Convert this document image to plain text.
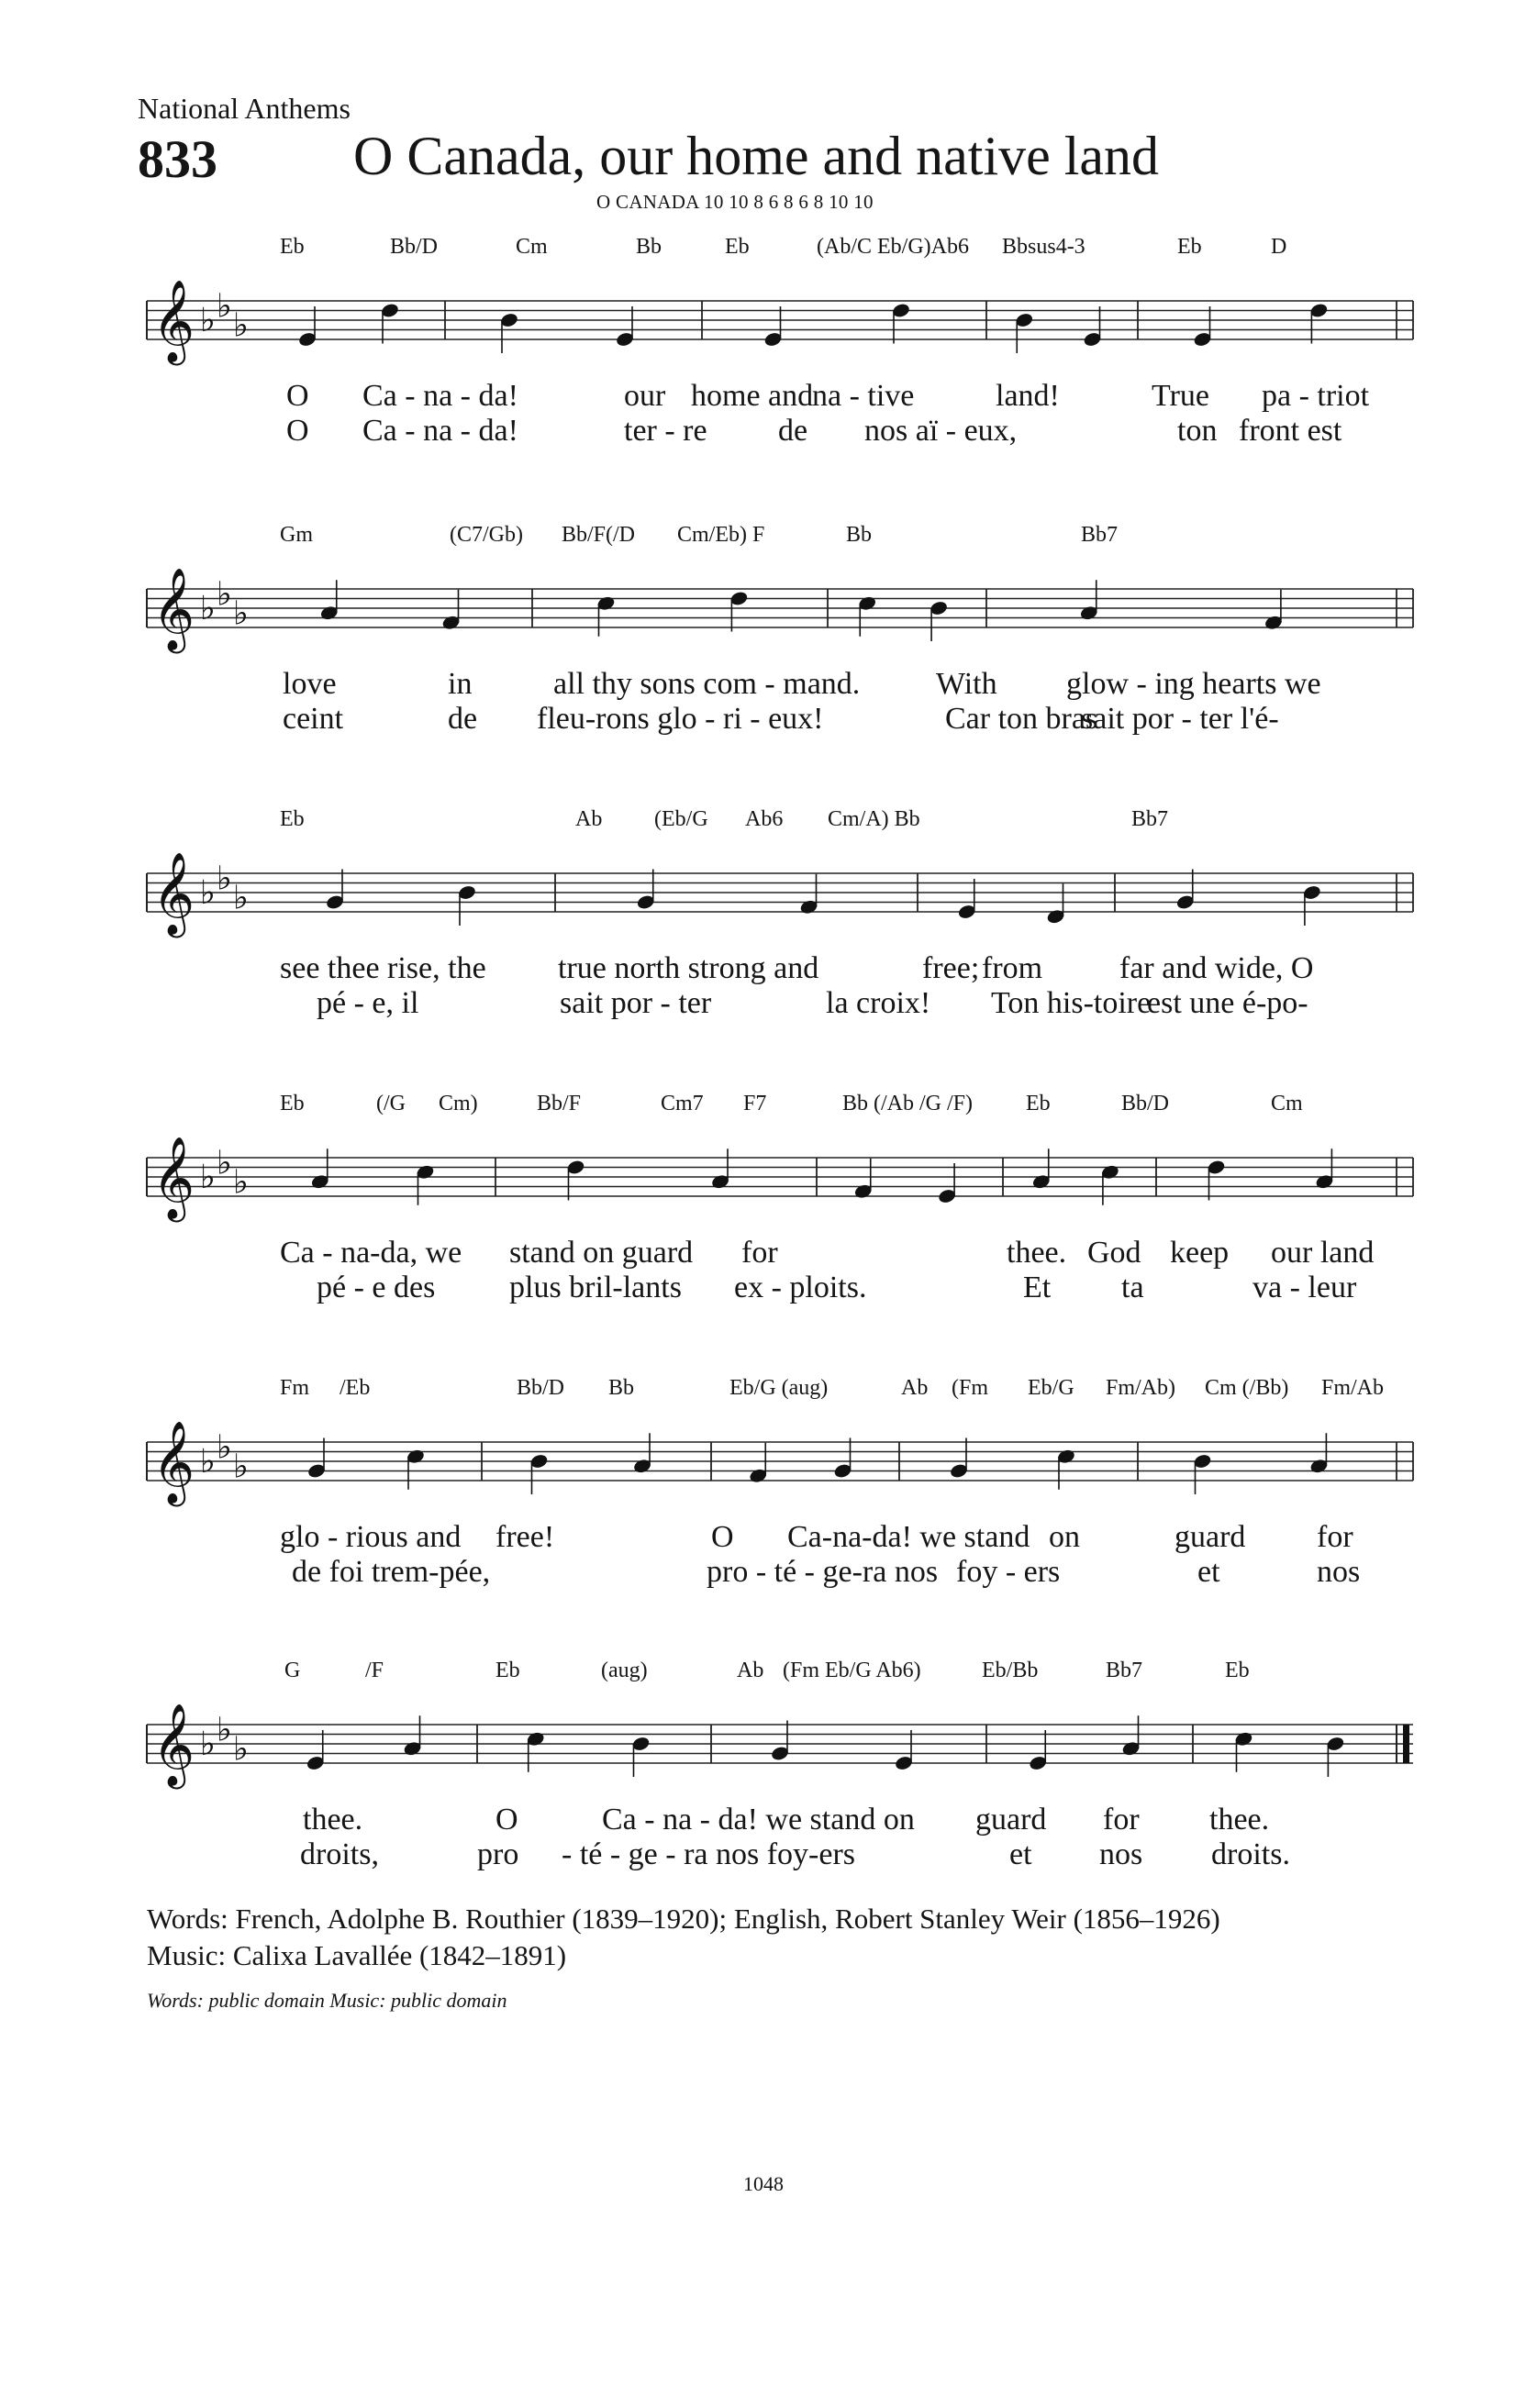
National Anthems
833 O Canada, our home and native land
O CANADA 10 10 8 6 8 6 8 10 10
𝄞 ♭ ♭
♭
Eb	Bb/D	Cm	Bb	Eb	(Ab/C Eb/G)Ab6 Bbsus4-3	Eb	D
O Ca - na - da!	our home and
na - tive	land!	True pa - triot
O Ca - na - da!	ter - re de nos aï - eux,	ton front est
𝄞 ♭ ♭
♭
Gm	(C7/Gb) Bb/F(/D Cm/Eb) F	Bb	Bb7
love	in	all thy sons com - mand. With glow - ing hearts we
ceint	de fleu-rons glo - ri - eux!	Car ton bras
sait por - ter l'é-
𝄞 ♭ ♭
♭
Eb	Ab (Eb/G Ab6 Cm/A) Bb	Bb7
see thee rise, the true north strong and	free; from far and wide, O
pé - e, il	sait por - ter	la croix! Ton his-toire
est une é-po-
𝄞 ♭ ♭
♭
Eb	(/G Cm)	Bb/F	Cm7 F7	Bb (/Ab /G /F) Eb	Bb/D	Cm
Ca - na-da, we stand on guard for	thee. God keep our land
pé - e des plus bril-lants ex - ploits.	Et ta	va - leur
𝄞 ♭ ♭
♭
Fm /Eb	Bb/D Bb	Eb/G (aug)	Ab (Fm Eb/G Fm/Ab) Cm (/Bb) Fm/Ab
glo - rious and free!	O Ca-na-da! we stand on	guard for
de foi trem-pée,	pro - té - ge-ra nos foy - ers	et	nos
𝄞 ♭ ♭
♭
G	/F	Eb	(aug)	Ab (Fm Eb/G Ab6)	Eb/Bb	Bb7	Eb
thee.	O	Ca - na - da! we stand on guard for thee.
droits,	pro - té - ge - ra nos foy-ers	et nos droits.
Words: French, Adolphe B. Routhier (1839–1920); English, Robert Stanley Weir (1856–1926)
Music: Calixa Lavallée (1842–1891)
Words: public domain Music: public domain
1048
